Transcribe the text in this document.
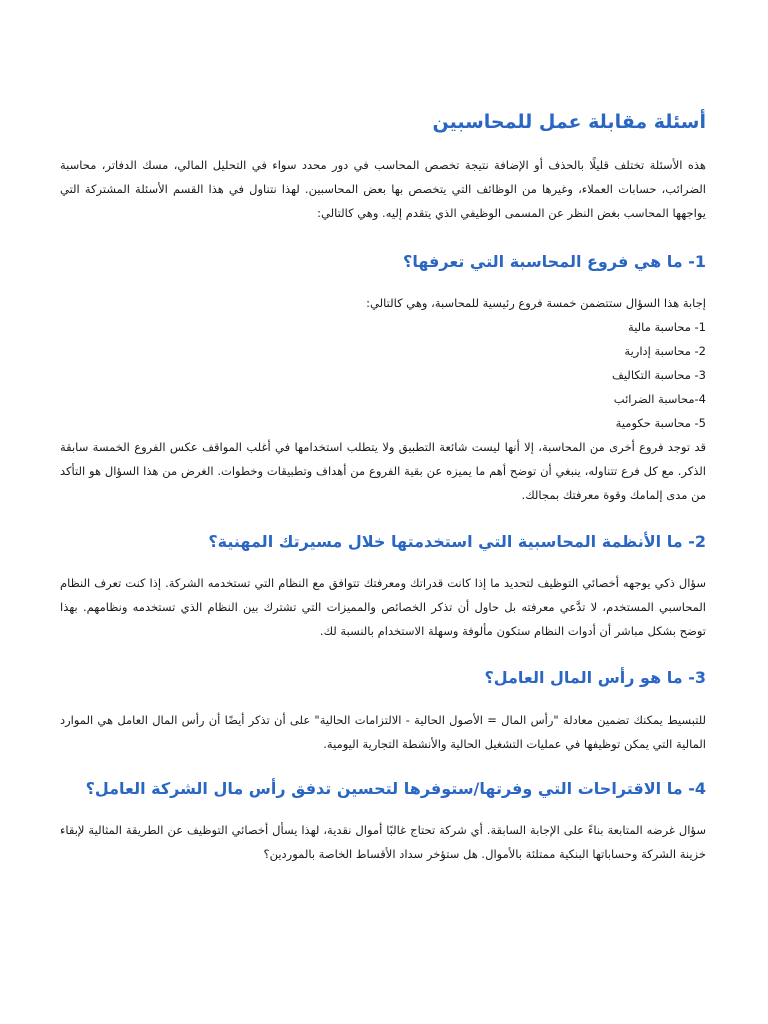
أسئلة مقابلة عمل للمحاسبين

هذه الأسئلة تختلف قليلًا بالحذف أو الإضافة نتيجة تخصص المحاسب في دور محدد سواء في التحليل المالي، مسك الدفاتر، محاسبة الضرائب، حسابات العملاء، وغيرها من الوظائف التي يتخصص بها بعض المحاسبين. لهذا نتناول في هذا القسم الأسئلة المشتركة التي يواجهها المحاسب بغض النظر عن المسمى الوظيفي الذي يتقدم إليه. وهي كالتالي:

1- ما هي فروع المحاسبة التي تعرفها؟

إجابة هذا السؤال ستتضمن خمسة فروع رئيسية للمحاسبة، وهي كالتالي:

1- محاسبة مالية
2- محاسبة إدارية
3- محاسبة التكاليف
4-محاسبة الضرائب
5- محاسبة حكومية

قد توجد فروع أخرى من المحاسبة، إلا أنها ليست شائعة التطبيق ولا يتطلب استخدامها في أغلب المواقف عكس الفروع الخمسة سابقة الذكر. مع كل فرع تتناوله، ينبغي أن توضح أهم ما يميزه عن بقية الفروع من أهداف وتطبيقات وخطوات. الغرض من هذا السؤال هو التأكد من مدى إلمامك وقوة معرفتك بمجالك.

2- ما الأنظمة المحاسبية التي استخدمتها خلال مسيرتك المهنية؟

سؤال ذكي يوجهه أخصائي التوظيف لتحديد ما إذا كانت قدراتك ومعرفتك تتوافق مع النظام التي تستخدمه الشركة. إذا كنت تعرف النظام المحاسبي المستخدم، لا تدَّعي معرفته بل حاول أن تذكر الخصائص والمميزات التي تشترك بين النظام الذي تستخدمه ونظامهم. بهذا توضح بشكل مباشر أن أدوات النظام ستكون مألوفة وسهلة الاستخدام بالنسبة لك.

3- ما هو رأس المال العامل؟

للتبسيط يمكنك تضمين معادلة "رأس المال = الأصول الحالية - الالتزامات الحالية" على أن تذكر أيضًا أن رأس المال العامل هي الموارد المالية التي يمكن توظيفها في عمليات التشغيل الحالية والأنشطة التجارية اليومية.

4- ما الاقتراحات التي وفرتها/ستوفرها لتحسين تدفق رأس مال الشركة العامل؟

سؤال غرضه المتابعة بناءً على الإجابة السابقة. أي شركة تحتاج غالبًا أموال نقدية، لهذا يسأل أخصائي التوظيف عن الطريقة المثالية لإبقاء خزينة الشركة وحساباتها البنكية ممتلئة بالأموال. هل ستؤخر سداد الأقساط الخاصة بالموردين؟
